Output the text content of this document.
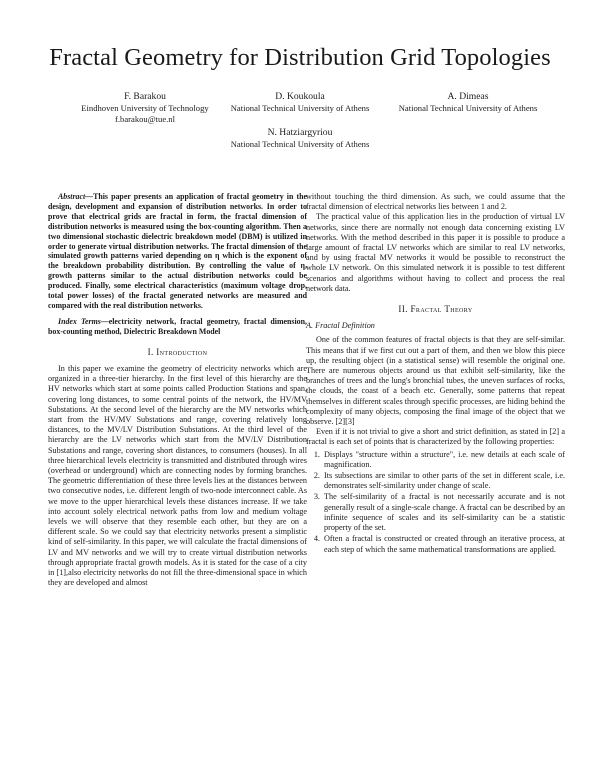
Fractal Geometry for Distribution Grid Topologies
F. Barakou
Eindhoven University of Technology
f.barakou@tue.nl
D. Koukoula
National Technical University of Athens
A. Dimeas
National Technical University of Athens
N. Hatziargyriou
National Technical University of Athens

Abstract—This paper presents an application of fractal geometry in the design, development and expansion of distribution networks. In order to prove that electrical grids are fractal in form, the fractal dimension of distribution networks is measured using the box-counting algorithm. Then a two dimensional stochastic dielectric breakdown model (DBM) is utilized in order to generate virtual distribution networks. The fractal dimension of the simulated growth patterns varied depending on η which is the exponent of the breakdown probability distribution. By controlling the value of η, growth patterns similar to the actual distribution networks could be produced. Finally, some electrical characteristics (maximum voltage drop, total power losses) of the fractal generated networks are measured and compared with the real distribution networks.

Index Terms—electricity network, fractal geometry, fractal dimension, box-counting method, Dielectric Breakdown Model

I. Introduction

In this paper we examine the geometry of electricity networks which are organized in a three-tier hierarchy. In the first level of this hierarchy are the HV networks which start at some points called Production Stations and span, covering long distances, to some central points of the network, the HV/MV Substations. At the second level of the hierarchy are the MV networks which start from the HV/MV Substations and range, covering relatively long distances, to the MV/LV Distribution Substations. At the third level of the hierarchy are the LV networks which start from the MV/LV Distribution Substations and range, covering short distances, to consumers (houses). In all three hierarchical levels electricity is transmitted and distributed through wires (overhead or underground) which are connecting nodes by forming branches. The geometric differentiation of these three levels lies at the distances between two consecutive nodes, i.e. different length of two-node interconnect cable. As we move to the upper hierarchical levels these distances increase. If we take into account solely electrical network paths from low and medium voltage levels we will observe that they resemble each other, but they are on a different scale. So we could say that electricity networks present a simplistic kind of self-similarity. In this paper, we will calculate the fractal dimensions of LV and MV networks and we will try to create virtual distribution networks through appropriate fractal growth models. As it is stated for the case of a city in [1],also electricity networks do not fill the three-dimensional space in which they are developed and almost

without touching the third dimension. As such, we could assume that the fractal dimension of electrical networks lies between 1 and 2.

The practical value of this application lies in the production of virtual LV networks, since there are normally not enough data concerning existing LV networks. With the method described in this paper it is possible to produce a large amount of fractal LV networks which are similar to real LV networks, and by using fractal MV networks it would be possible to reconstruct the whole LV network. On this simulated network it is possible to test different scenarios and algorithms without having to collect and process the real network data.

II. Fractal Theory
A. Fractal Definition

One of the common features of fractal objects is that they are self-similar. This means that if we first cut out a part of them, and then we blow this piece up, the resulting object (in a statistical sense) will resemble the original one. There are numerous objects around us that exhibit self-similarity, like the branches of trees and the lung's bronchial tubes, the uneven surfaces of rocks, the clouds, the coast of a beach etc. Generally, some patterns that repeat themselves in different scales through specific processes, are hiding behind the complexity of many objects, composing the final image of the object that we observe. [2][3]

Even if it is not trivial to give a short and strict definition, as stated in [2] a fractal is each set of points that is characterized by the following properties:

1. Displays "structure within a structure", i.e. new details at each scale of magnification.
2. Its subsections are similar to other parts of the set in different scale, i.e. demonstrates self-similarity under change of scale.
3. The self-similarity of a fractal is not necessarily accurate and is not generally result of a single-scale change. A fractal can be described by an infinite sequence of scales and its self-similarity can be a statistic property of the set.
4. Often a fractal is constructed or created through an iterative process, at each step of which the same mathematical transformations are applied.
